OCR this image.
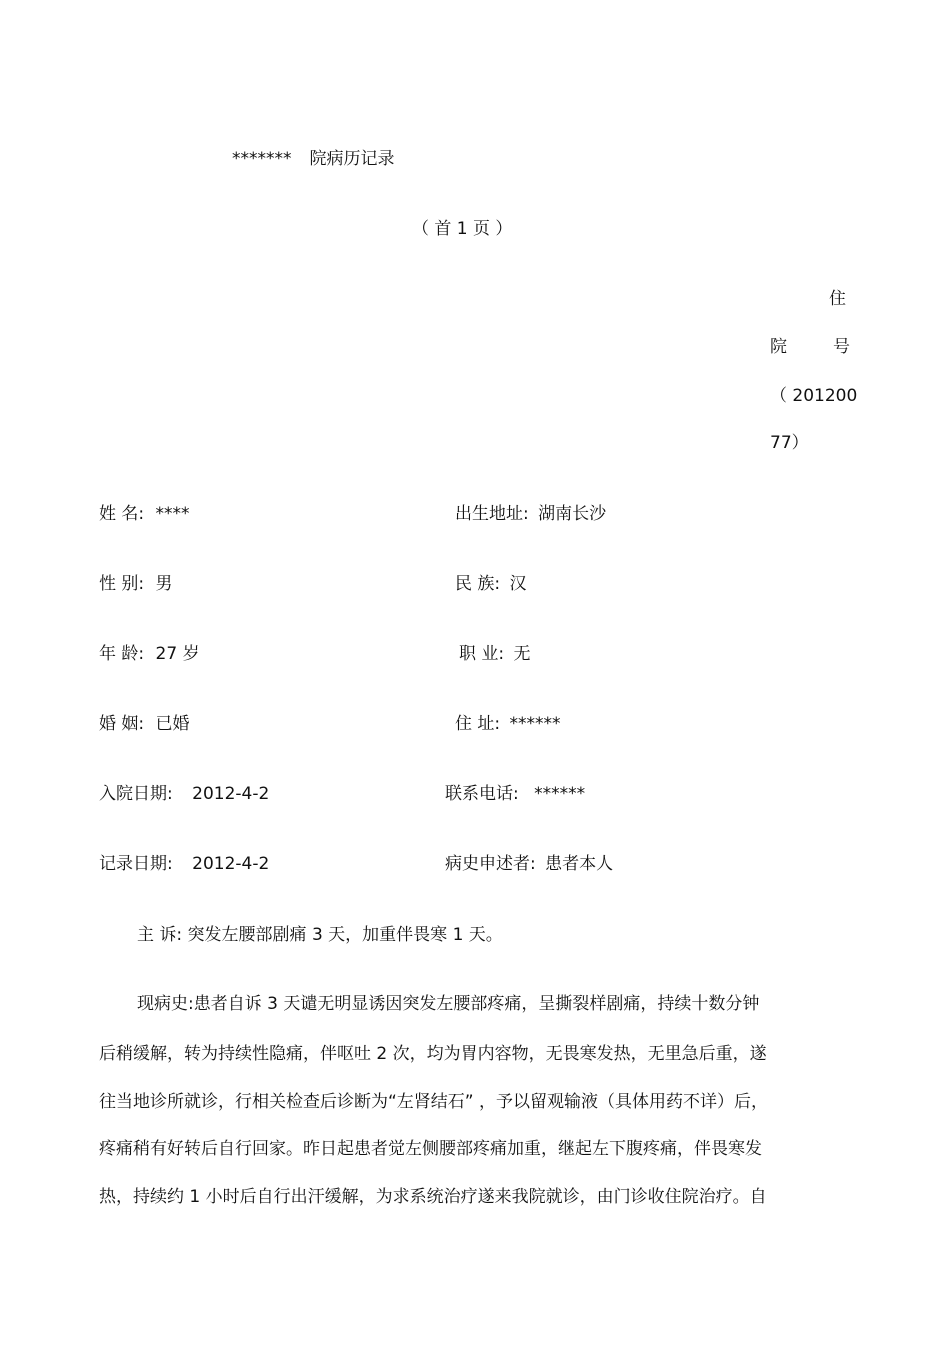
******* 院病历记录
（ 首 1 页 ）
住
院	号
（ 201200
77）
姓 名: ****
性 别: 男
年 龄: 27 岁
婚 姻: 已婚
入院日期: 2012-4-2
记录日期: 2012-4-2
出生地址: 湖南长沙
民 族: 汉
职 业: 无
住 址: ******
联系电话: ******
病史申述者: 患者本人
主 诉: 突发左腰部剧痛 3 天，加重伴畏寒 1 天。
现病史:患者自诉 3 天谴无明显诱因突发左腰部疼痛，呈撕裂样剧痛，持续十数分钟
后稍缓解，转为持续性隐痛，伴呕吐 2 次，均为胃内容物，无畏寒发热，无里急后重，遂
往当地诊所就诊，行相关检查后诊断为“左肾结石” ，予以留观输液（具体用药不详）后，
疼痛稍有好转后自行回家。昨日起患者觉左侧腰部疼痛加重，继起左下腹疼痛，伴畏寒发
热，持续约 1 小时后自行出汗缓解，为求系统治疗遂来我院就诊，由门诊收住院治疗。自
